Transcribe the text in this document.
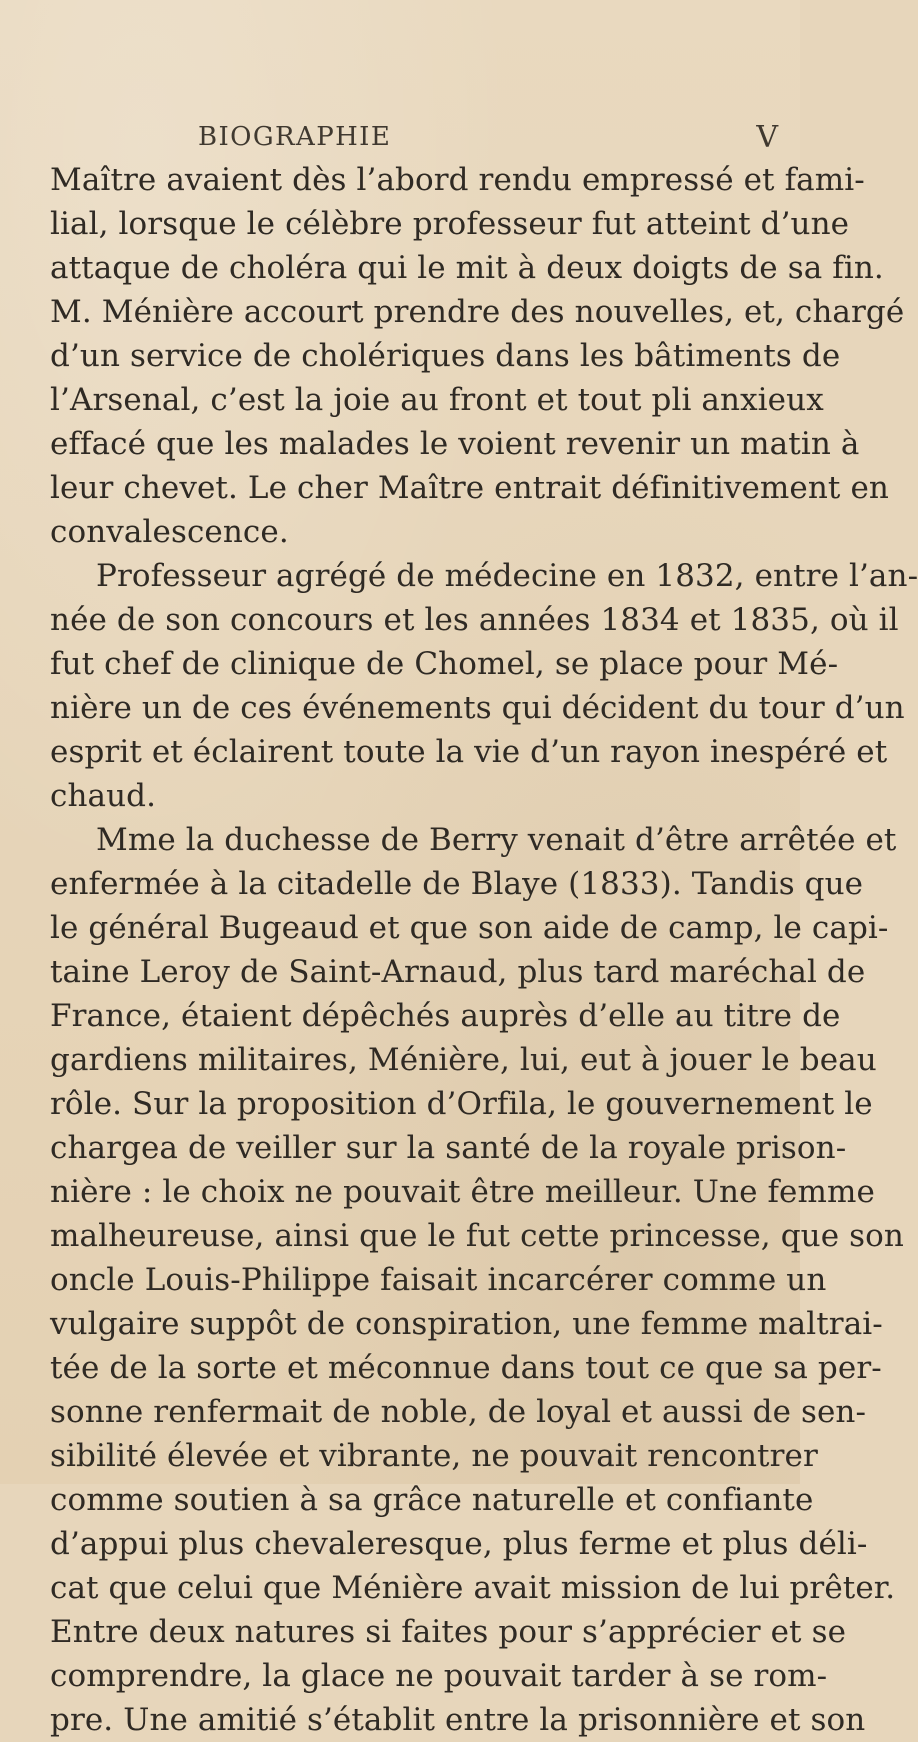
BIOGRAPHIE	V
Maître avaient dès l’abord rendu empressé et fami-
lial, lorsque le célèbre professeur fut atteint d’une
attaque de choléra qui le mit à deux doigts de sa fin.
M. Ménière accourt prendre des nouvelles, et, chargé
d’un service de cholériques dans les bâtiments de
l’Arsenal, c’est la joie au front et tout pli anxieux
effacé que les malades le voient revenir un matin à
leur chevet. Le cher Maître entrait définitivement en
convalescence.
Professeur agrégé de médecine en 1832, entre l’an-
née de son concours et les années 1834 et 1835, où il
fut chef de clinique de Chomel, se place pour Mé-
nière un de ces événements qui décident du tour d’un
esprit et éclairent toute la vie d’un rayon inespéré et
chaud.
Mme la duchesse de Berry venait d’être arrêtée et
enfermée à la citadelle de Blaye (1833). Tandis que
le général Bugeaud et que son aide de camp, le capi-
taine Leroy de Saint-Arnaud, plus tard maréchal de
France, étaient dépêchés auprès d’elle au titre de
gardiens militaires, Ménière, lui, eut à jouer le beau
rôle. Sur la proposition d’Orfila, le gouvernement le
chargea de veiller sur la santé de la royale prison-
nière : le choix ne pouvait être meilleur. Une femme
malheureuse, ainsi que le fut cette princesse, que son
oncle Louis-Philippe faisait incarcérer comme un
vulgaire suppôt de conspiration, une femme maltrai-
tée de la sorte et méconnue dans tout ce que sa per-
sonne renfermait de noble, de loyal et aussi de sen-
sibilité élevée et vibrante, ne pouvait rencontrer
comme soutien à sa grâce naturelle et confiante
d’appui plus chevaleresque, plus ferme et plus déli-
cat que celui que Ménière avait mission de lui prêter.
Entre deux natures si faites pour s’apprécier et se
comprendre, la glace ne pouvait tarder à se rom-
pre. Une amitié s’établit entre la prisonnière et son
